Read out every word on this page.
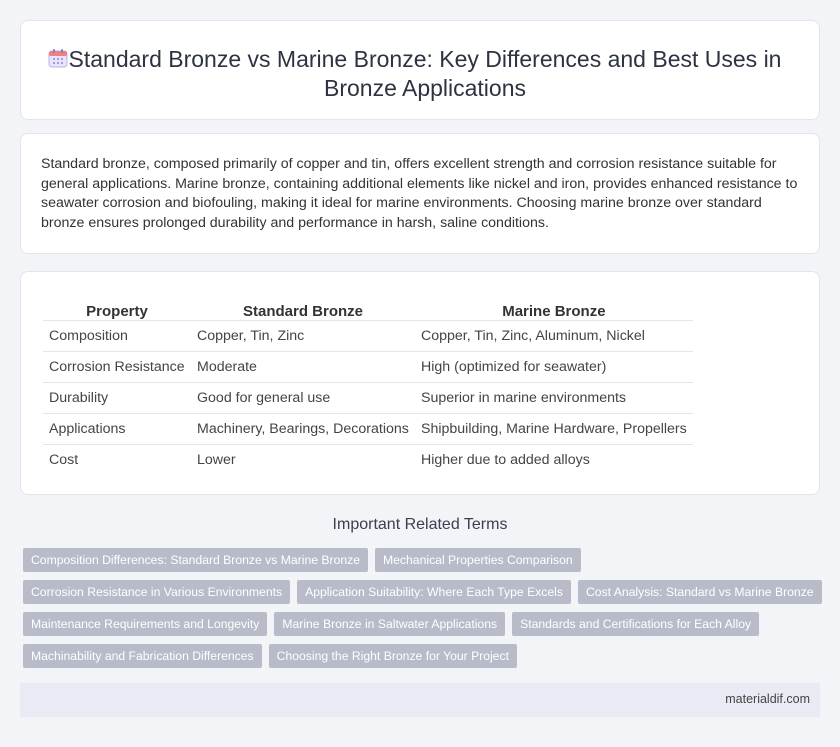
Standard Bronze vs Marine Bronze: Key Differences and Best Uses in Bronze Applications

Standard bronze, composed primarily of copper and tin, offers excellent strength and corrosion resistance suitable for general applications. Marine bronze, containing additional elements like nickel and iron, provides enhanced resistance to seawater corrosion and biofouling, making it ideal for marine environments. Choosing marine bronze over standard bronze ensures prolonged durability and performance in harsh, saline conditions.

Property	Standard Bronze	Marine Bronze
Composition	Copper, Tin, Zinc	Copper, Tin, Zinc, Aluminum, Nickel
Corrosion Resistance	Moderate	High (optimized for seawater)
Durability	Good for general use	Superior in marine environments
Applications	Machinery, Bearings, Decorations	Shipbuilding, Marine Hardware, Propellers
Cost	Lower	Higher due to added alloys
Important Related Terms
Composition Differences: Standard Bronze vs Marine Bronze	Mechanical Properties Comparison
Corrosion Resistance in Various Environments	Application Suitability: Where Each Type Excels	Cost Analysis: Standard vs Marine Bronze
Maintenance Requirements and Longevity	Marine Bronze in Saltwater Applications	Standards and Certifications for Each Alloy
Machinability and Fabrication Differences	Choosing the Right Bronze for Your Project
materialdif.com
